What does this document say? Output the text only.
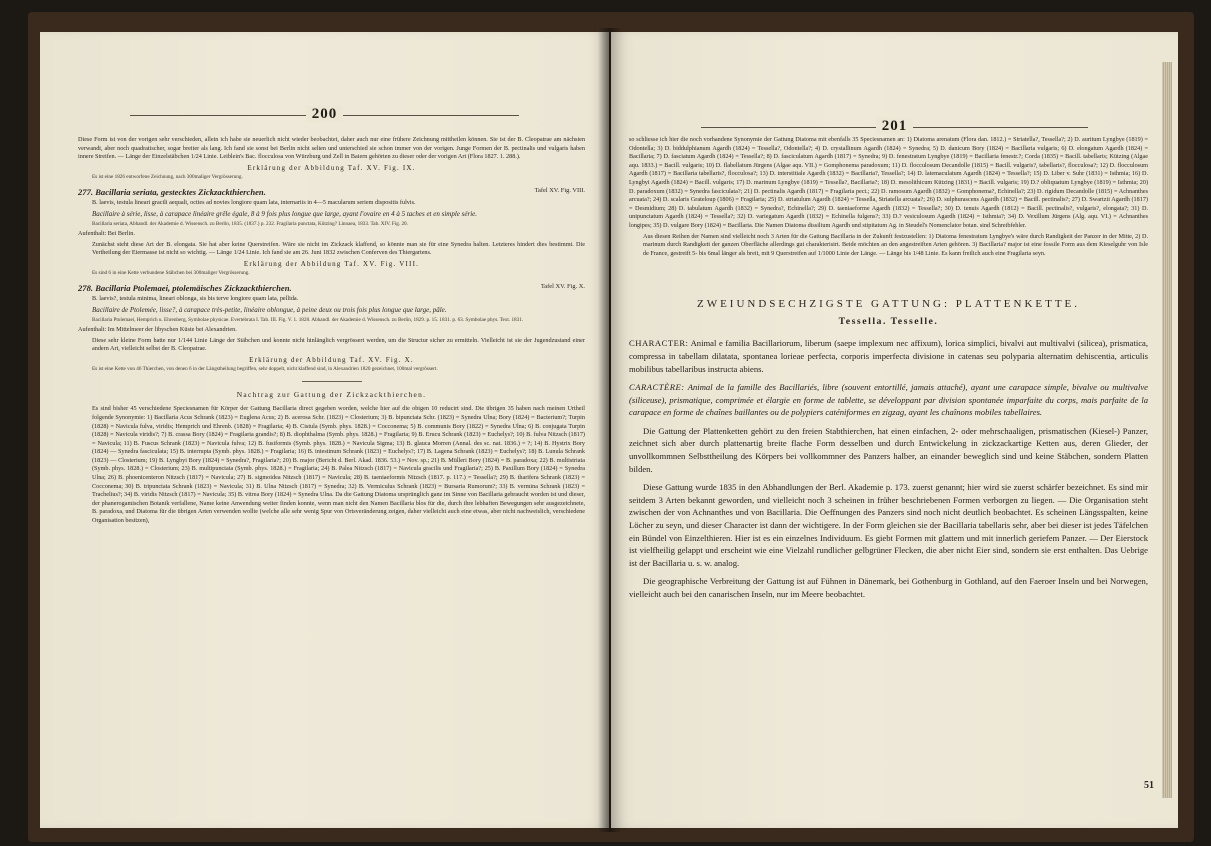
200

Diese Form ist von der vorigen sehr verschieden, allein ich habe sie neuerlich nicht wieder beobachtet, daher auch nur eine frühere Zeichnung mittheilen können. Sie ist der B. Cleopatrae am nächsten verwandt, aber noch quadratischer, sogar breiter als lang. Ich fand sie sonst bei Berlin nicht selten und unterschied sie schon immer von der vorigen. Junge Formen der B. pectinalis und vulgaris haben innere Streifen. — Länge der Einzelstäbchen 1/24 Linie. Leiblein's Bac. flocculosa von Würzburg und Zell in Baiern gehörten zu dieser oder der vorigen Art (Flora 1827. 1. 288.).

Erklärung der Abbildung Taf. XV. Fig. IX.

Es ist eine 1826 entworfene Zeichnung, nach 300maliger Vergrösserung.

277. Bacillaria seriata, gestecktes Zickzackthierchen.	Tafel XV. Fig. VIII.

B. laevis, testula lineari gracili aequali, octies ad novies longiore quam lata, internariis in 4—5 macularum seriem dispositis fulvis.

Bacillaire à série, lisse, à carapace linéaire grêle égale, 8 à 9 fois plus longue que large, ayant l'ovaire en 4 à 5 taches et en simple série.

Bacillaria seriata, Abhandl. der Akademie d. Wissensch. zu Berlin, 1835. (1837.) p. 232. Fragilaria punctata, Kützing? Linnaea, 1833. Tab. XIV. Fig. 20.

Aufenthalt: Bei Berlin.

Zunächst steht diese Art der B. elongata. Sie hat aber keine Querstreifen. Wäre sie nicht im Zickzack klaffend, so könnte man sie für eine Synedra halten. Letzteres hindert dies bestimmt. Die Vertheilung der Eiermasse ist nicht so wichtig. — Länge 1/24 Linie. Ich fand sie am 26. Juni 1832 zwischen Conferven des Thiergartens.

Erklärung der Abbildung Taf. XV. Fig. VIII.

Es sind 6 in eine Kette verbundene Stäbchen bei 300maliger Vergrösserung.

278. Bacillaria Ptolemaei, ptolemäisches Zickzackthierchen.	Tafel XV. Fig. X.

B. laevis?, testula minima, lineari oblonga, sis bis terve longiore quam lata, pellida.

Bacillaire de Ptolemée, lisse?, à carapace très-petite, linéaire oblongue, à peine deux ou trois fois plus longue que large, pâle.

Bacillaria Ptolemaei, Hemprich u. Ehrenberg, Symbolae physicae. Evertebrata I. Tab. III. Fig. V. 1. 1828. Abhandl. der Akademie d. Wissensch. zu Berlin, 1829. p. 15. 1831. p. 63. Symbolae phys. Text. 1831.

Aufenthalt: Im Mittelmeer der libyschen Küste bei Alexandrien.

Diese sehr kleine Form hatte nur 1/144 Linie Länge der Stäbchen und konnte nicht hinlänglich vergrössert werden, um die Structur sicher zu ermitteln. Vielleicht ist sie der Jugendzustand einer andern Art, vielleicht selbst der B. Cleopatrae.

Erklärung der Abbildung Taf. XV. Fig. X.

Es ist eine Kette von 46 Thierchen, von denen 6 in der Längstheilung begriffen, sehr doppelt, nicht klaffend sind, in Alexandrien 1820 gezeichnet, 100mal vergrössert.

Nachtrag zur Gattung der Zickzackthierchen.

Es sind bisher 45 verschiedene Speciesnamen für Körper der Gattung Bacillaria direct gegeben worden, welche hier auf die obigen 10 reducirt sind. Die übrigen 35 haben nach meinen Urtheil folgende Synonymie: 1) Bacillaria Acus Schrank (1823) = Euglena Acus; 2) B. acerosa Schr. (1823) = Closterium; 3) B. bipunctata Schr. (1823) = Synedra Ulna; Bory (1824) = Bacterium?; Turpin (1828) = Navicula fulva, viridis; Hemprich und Ehrenb. (1828) = Fragilaria; 4) B. Cistula (Symb. phys. 1828.) = Cocconema; 5) B. communis Bory (1822) = Synedra Ulna; 6) B. conjugata Turpin (1828) = Navicula viridis?; 7) B. crassa Bory (1824) = Fragilaria grandis?; 8) B. diophthalma (Symb. phys. 1828.) = Fragilaria; 9) B. Erucu Schrank (1823) = Euchelys?; 10) B. fulva Nitzsch (1817) = Navicula; 11) B. Fuscus Schrank (1823) = Navicula fulva; 12) B. fusiformis (Symb. phys. 1828.) = Navicula Sigma; 13) B. glauca Morren (Annal. des sc. nat. 1836.) = ?; 14) B. Hystrix Bory (1824) — Synedra fasciculata; 15) B. interrupta (Symb. phys. 1828.) = Fragilaria; 16) B. intestinum Schrank (1823) = Euchelys?; 17) B. Lagena Schrank (1823) = Euchelys?; 18) B. Lunula Schrank (1823) — Closterium; 19) B. Lyngbyi Bory (1824) = Synedra?, Fragilaria?; 20) B. major (Bericht d. Berl. Akad. 1836. 53.) = Nov. sp.; 21) B. Mülleri Bory (1824) = B. paradoxa; 22) B. multistriata (Symb. phys. 1828.) = Closterium; 23) B. multipunctata (Symb. phys. 1828.) = Fragilaria; 24) B. Palea Nitzsch (1817) = Navicula gracilis und Fragilaria?; 25) B. Paxillum Bory (1824) = Synedra Ulna; 26) B. phoenicenteron Nitzsch (1817) = Navicula; 27) B. sigmoidea Nitzsch (1817) = Navicula; 28) B. taeniaeformis Nitzsch (1817. p. 117.) = Tessella?; 29) B. tharifera Schrank (1823) = Cocconema; 30) B. tripunctata Schrank (1823) = Navicula; 31) B. Ulna Nitzsch (1817) = Synedra; 32) B. Vermiculus Schrank (1823) = Bursaria Rumorum?; 33) B. vermina Schrank (1823) = Trachelius?; 34) B. viridis Nitzsch (1817) = Navicula; 35) B. vitrea Bory (1824) = Synedra Ulna. Da die Gattung Diatoma ursprünglich ganz im Sinne von Bacillaria gebraucht worden ist und dieser, der phanerogamischen Botanik verfallene, Name keine Anwendung weiter finden konnte, wenn man nicht den Namen Bacillaria blos für die, durch ihre lebhaften Bewegungen sehr ausgezeichnete, B. paradoxa, und Diatoma für die übrigen Arten verwenden wollte (welche alle sehr wenig Spur von Ortsveränderung zeigen, daher vielleicht auch eine etwas, aber nicht nachweislich, verschiedene Organisation besitzen),

201

so schliesse ich hier die noch vorhandene Synonymie der Gattung Diatoma mit ebenfalls 35 Speciesnamen an: 1) Diatoma arenatum (Flora dan. 1812.) = Striatella?, Tessella?; 2) D. auritum Lyngbye (1819) = Odontella; 3) D. biddulphianum Agardh (1824) = Tessella?, Odontella?; 4) D. crystallinum Agardh (1824) = Synedra; 5) D. danicum Bory (1824) = Bacillaria vulgaris; 6) D. elongatum Agardh (1824) = Bacillaria; 7) D. fasciatum Agardh (1824) = Tessella?; 8) D. fasciculatum Agardh (1817) = Synedra; 9) D. fenestratum Lyngbye (1819) = Bacillaria fenestr.?; Corda (1835) = Bacill. tabellaris; Kützing (Algae aqu. 1833.) = Bacill. vulgaris; 10) D. flabellatum Jürgens (Algae aqu. VII.) = Gomphonema paradoxum; 11) D. flocculosum Decandolle (1815) = Bacill. vulgaris?, tabellaris?, flocculosa?; 12) D. flocculosum Agardh (1817) = Bacillaria tabellaris?, flocculosa?; 13) D. interstitiale Agardh (1832) = Bacillaria?, Tessella?; 14) D. latemaculatum Agardh (1824) = Tessella?; 15) D. Liber v. Suhr (1831) = Isthmia; 16) D. Lyngbyi Agardh (1824) = Bacill. vulgaris; 17) D. marinum Lyngbye (1819) = Tessella?, Bacillaria?; 18) D. mesolithicum Kützing (1831) = Bacill. vulgaris; 19) D.? obliquatum Lyngbye (1819) = Isthmia; 20) D. paradoxum (1832) = Synedra fasciculata?; 21) D. pectinalis Agardh (1817) = Fragilaria pect.; 22) D. ramosum Agardh (1832) = Gomphonema?, Echinella?; 23) D. rigidum Decandolle (1815) = Achnanthes arcuata?; 24) D. scalaris Grateloup (1806) = Fragilaria; 25) D. striatulum Agardh (1824) = Tessella, Striatella arcuata?; 26) D. sulphurascens Agardh (1832) = Bacill. pectinalis?; 27) D. Swartzii Agardh (1817) = Desmidium; 28) D. tabulatum Agardh (1832) = Synedra?, Echinella?; 29) D. taeniaeforme Agardh (1832) = Tessella?; 30) D. tenuis Agardh (1812) = Bacill. pectinalis?, vulgaris?, elongata?; 31) D. unipunctatum Agardh (1824) = Tessella?; 32) D. variegatum Agardh (1832) = Echinella fulgens?; 33) D.? vesiculosum Agardh (1824) = Isthmia?; 34) D. Vexillum Jürgens (Alg. aqu. VI.) = Achnanthes longipes; 35) D. vulgare Bory (1824) = Bacillaria. Die Namen Diatoma dissilium Agardh und stipitatum Ag. in Steudel's Nomenclator botan. sind Schreibfehler.

Aus diesen Reihen der Namen sind vielleicht noch 3 Arten für die Gattung Bacillaria in der Zukunft festzustellen: 1) Diatoma fenestratum Lyngbye's wäre durch Randigkeit der Panzer in der Mitte, 2) D. marinum durch Randigkeit der ganzen Oberfläche allerdings gut charakterisirt. Beide möchten an den angestreiften Arten gehören. 3) Bacillaria? major ist eine fossile Form aus dem Kieselguhr von Isle de France, gestreift 5- bis 6mal länger als breit, mit 9 Querstreifen auf 1/1000 Linie der Länge. — Länge bis 1/48 Linie. Es kann freilich auch eine Fragilaria seyn.

ZWEIUNDSECHZIGSTE GATTUNG: PLATTENKETTE.
Tessella. Tesselle.

CHARACTER: Animal e familia Bacillariorum, liberum (saepe implexum nec affixum), lorica simplici, bivalvi aut multivalvi (silicea), prismatica, compressa in tabellam dilatata, spontanea lorieae perfecta, corporis imperfecta divisione in catenas seu polyparia alternatim dehiscentia, articulis mobilibus tabellaribus instructa abiens.

CARACTÈRE: Animal de la famille des Bacillariés, libre (souvent entortillé, jamais attaché), ayant une carapace simple, bivalve ou multivalve (siliceuse), prismatique, comprimée et élargie en forme de tablette, se développant par division spontanée imparfaite du corps, mais parfaite de la carapace en forme de chaînes baillantes ou de polypiers caténiformes en zigzag, ayant les chaînons mobiles tabellaires.

Die Gattung der Plattenketten gehört zu den freien Stabthierchen, hat einen einfachen, 2- oder mehrschaaligen, prismatischen (Kiesel-) Panzer, zeichnet sich aber durch plattenartig breite flache Form desselben und durch Entwickelung in zickzackartige Ketten aus, deren Glieder, der unvollkommnen Selbsttheilung des Körpers bei vollkommner des Panzers halber, an einander beweglich sind und keine Stäbchen, sondern Platten bilden.

Diese Gattung wurde 1835 in den Abhandlungen der Berl. Akademie p. 173. zuerst genannt; hier wird sie zuerst schärfer bezeichnet. Es sind mir seitdem 3 Arten bekannt geworden, und vielleicht noch 3 scheinen in früher beschriebenen Formen verborgen zu liegen. — Die Organisation steht zwischen der von Achnanthes und von Bacillaria. Die Oeffnungen des Panzers sind noch nicht deutlich beobachtet. Es scheinen Längsspalten, keine Löcher zu seyn, und dieser Character ist dann der wichtigere. In der Form gleichen sie der Bacillaria tabellaris sehr, aber bei dieser ist jedes Täfelchen ein Bündel von Einzelthieren. Hier ist es ein einzelnes Individuum. Es giebt Formen mit glattem und mit innerlich geriefem Panzer. — Der Eierstock ist vielfheilig gelappt und erscheint wie eine Vielzahl rundlicher gelbgrüner Flecken, die aber nicht Eier sind, sondern sie erst enthalten. Das Uebrige ist der Bacillaria u. s. w. analog.

Die geographische Verbreitung der Gattung ist auf Fühnen in Dänemark, bei Gothenburg in Gothland, auf den Faeroer Inseln und bei Norwegen, vielleicht auch bei den canarischen Inseln, nur im Meere beobachtet.

51
